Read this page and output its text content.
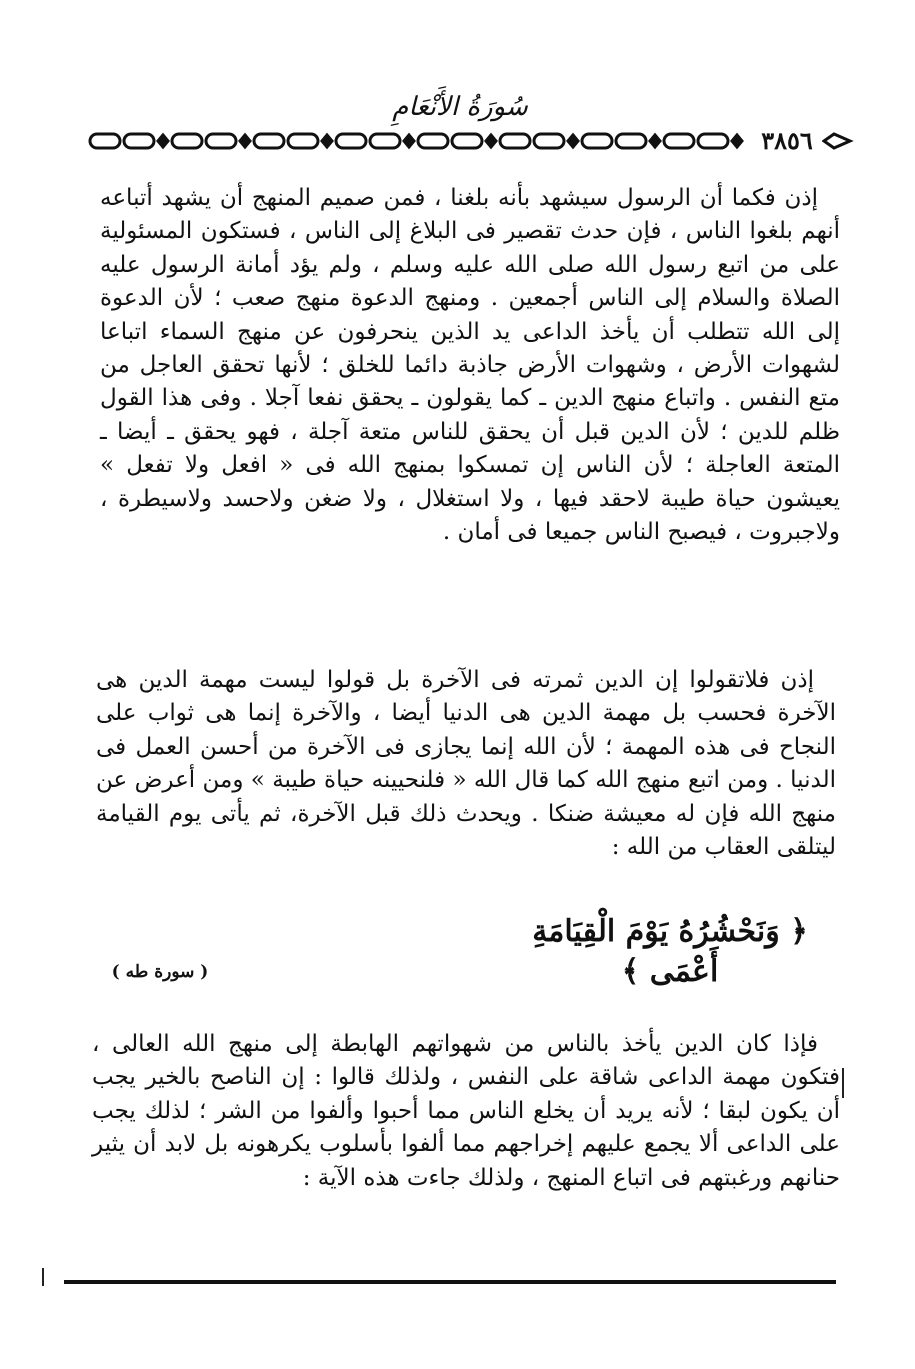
سُورَةُ الأَنْعَامِ
٣٨٥٦

إذن فكما أن الرسول سيشهد بأنه بلغنا ، فمن صميم المنهج أن يشهد أتباعه أنهم بلغوا الناس ، فإن حدث تقصير فى البلاغ إلى الناس ، فستكون المسئولية على من اتبع رسول الله صلى الله عليه وسلم ، ولم يؤد أمانة الرسول عليه الصلاة والسلام إلى الناس أجمعين . ومنهج الدعوة منهج صعب ؛ لأن الدعوة إلى الله تتطلب أن يأخذ الداعى يد الذين ينحرفون عن منهج السماء اتباعا لشهوات الأرض ، وشهوات الأرض جاذبة دائما للخلق ؛ لأنها تحقق العاجل من متع النفس . واتباع منهج الدين ـ كما يقولون ـ يحقق نفعا آجلا . وفى هذا القول ظلم للدين ؛ لأن الدين قبل أن يحقق للناس متعة آجلة ، فهو يحقق ـ أيضا ـ المتعة العاجلة ؛ لأن الناس إن تمسكوا بمنهج الله فى « افعل ولا تفعل » يعيشون حياة طيبة لاحقد فيها ، ولا استغلال ، ولا ضغن ولاحسد ولاسيطرة ، ولاجبروت ، فيصبح الناس جميعا فى أمان .

إذن فلاتقولوا إن الدين ثمرته فى الآخرة بل قولوا ليست مهمة الدين هى الآخرة فحسب بل مهمة الدين هى الدنيا أيضا ، والآخرة إنما هى ثواب على النجاح فى هذه المهمة ؛ لأن الله إنما يجازى فى الآخرة من أحسن العمل فى الدنيا . ومن اتبع منهج الله كما قال الله « فلنحيينه حياة طيبة » ومن أعرض عن منهج الله فإن له معيشة ضنكا . ويحدث ذلك قبل الآخرة، ثم يأتى يوم القيامة ليتلقى العقاب من الله :

﴿ وَنَحْشُرُهُ يَوْمَ الْقِيَامَةِ أَعْمَى ﴾
( سورة طه )

فإذا كان الدين يأخذ بالناس من شهواتهم الهابطة إلى منهج الله العالى ، فتكون مهمة الداعى شاقة على النفس ، ولذلك قالوا : إن الناصح بالخير يجب أن يكون لبقا ؛ لأنه يريد أن يخلع الناس مما أحبوا وألفوا من الشر ؛ لذلك يجب على الداعى ألا يجمع عليهم إخراجهم مما ألفوا بأسلوب يكرهونه بل لابد أن يثير حنانهم ورغبتهم فى اتباع المنهج ، ولذلك جاءت هذه الآية :
